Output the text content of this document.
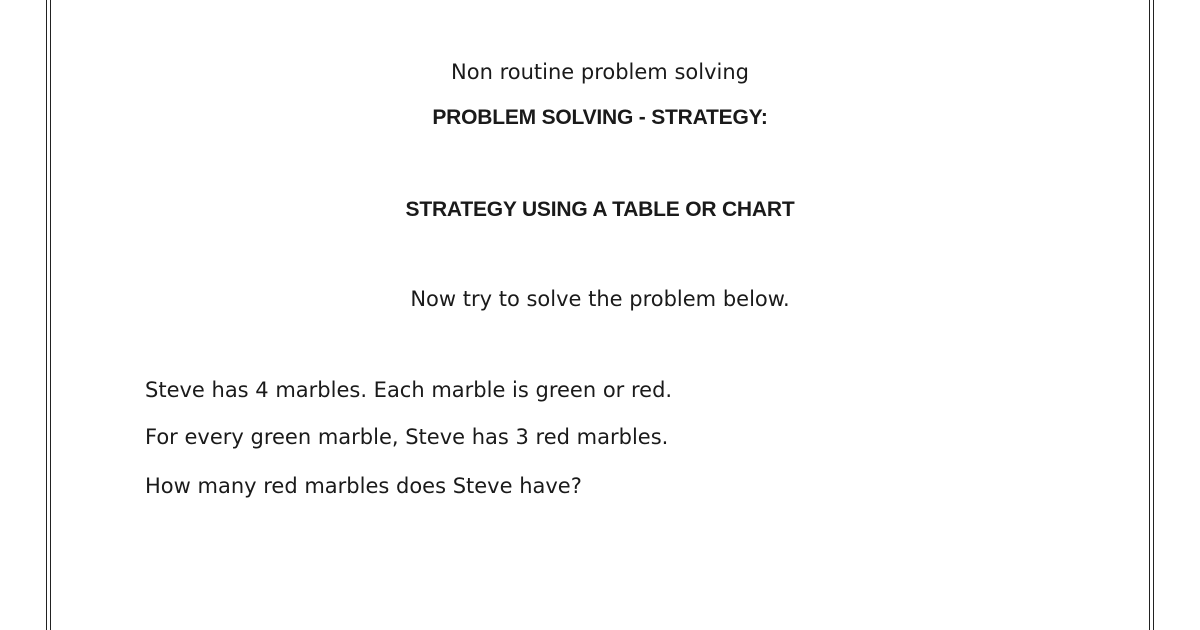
Non routine problem solving
PROBLEM SOLVING - STRATEGY:
STRATEGY USING A TABLE OR CHART
Now try to solve the problem below.
Steve has 4 marbles. Each marble is green or red.
For every green marble, Steve has 3 red marbles.
How many red marbles does Steve have?
